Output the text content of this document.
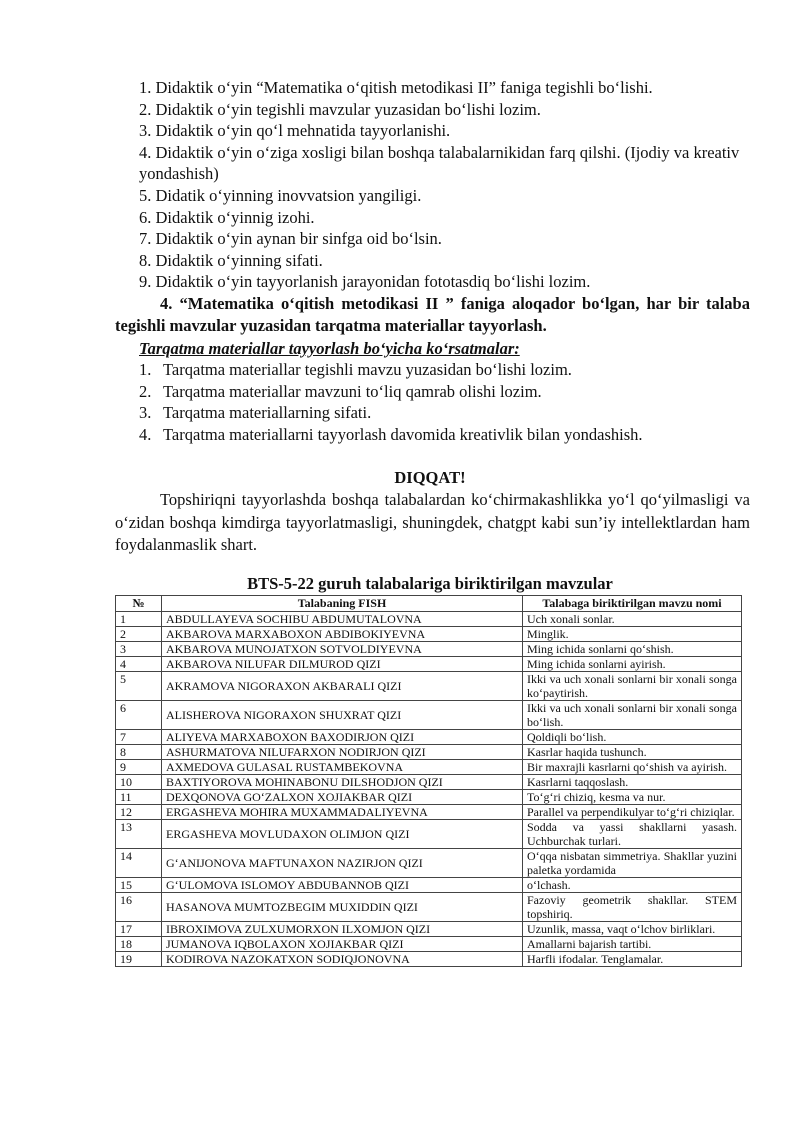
1. Didaktik o‘yin “Matematika o‘qitish metodikasi II” faniga tegishli bo‘lishi.
2. Didaktik o‘yin tegishli mavzular yuzasidan bo‘lishi lozim.
3. Didaktik o‘yin qo‘l mehnatida tayyorlanishi.
4. Didaktik o‘yin o‘ziga xosligi bilan boshqa talabalarnikidan farq qilshi. (Ijodiy va kreativ yondashish)
5. Didatik o‘yinning inovvatsion yangiligi.
6. Didaktik o‘yinnig izohi.
7. Didaktik o‘yin aynan bir sinfga oid bo‘lsin.
8. Didaktik o‘yinning sifati.
9. Didaktik o‘yin tayyorlanish jarayonidan fototasdiq bo‘lishi lozim.
4. “Matematika o‘qitish metodikasi II ” faniga aloqador bo‘lgan, har bir talaba tegishli mavzular yuzasidan tarqatma materiallar tayyorlash.
Tarqatma materiallar tayyorlash bo‘yicha ko‘rsatmalar:
1. Tarqatma materiallar tegishli mavzu yuzasidan bo‘lishi lozim.
2. Tarqatma materiallar mavzuni to‘liq qamrab olishi lozim.
3. Tarqatma materiallarning sifati.
4. Tarqatma materiallarni tayyorlash davomida kreativlik bilan yondashish.
DIQQAT!
Topshiriqni tayyorlashda boshqa talabalardan ko‘chirmakashlikka yo‘l qo‘yilmasligi va o‘zidan boshqa kimdirga tayyorlatmasligi, shuningdek, chatgpt kabi sun’iy intellektlardan ham foydalanmaslik shart.
BTS-5-22 guruh talabalariga biriktirilgan mavzular
№	Talabaning FISH	Talabaga biriktirilgan mavzu nomi
1	ABDULLAYEVA SOCHIBU ABDUMUTALOVNA	Uch xonali sonlar.
2	AKBAROVA MARXABOXON ABDIBOKIYEVNA	Minglik.
3	AKBAROVA MUNOJATXON SOTVOLDIYEVNA	Ming ichida sonlarni qo‘shish.
4	AKBAROVA NILUFAR DILMUROD QIZI	Ming ichida sonlarni ayirish.
5	AKRAMOVA NIGORAXON AKBARALI QIZI	Ikki va uch xonali sonlarni bir xonali songa ko‘paytirish.
6	ALISHEROVA NIGORAXON SHUXRAT QIZI	Ikki va uch xonali sonlarni bir xonali songa bo‘lish.
7	ALIYEVA MARXABOXON BAXODIRJON QIZI	Qoldiqli bo‘lish.
8	ASHURMATOVA NILUFARXON NODIRJON QIZI	Kasrlar haqida tushunch.
9	AXMEDOVA GULASAL RUSTAMBEKOVNA	Bir maxrajli kasrlarni qo‘shish va ayirish.
10	BAXTIYOROVA MOHINABONU DILSHODJON QIZI	Kasrlarni taqqoslash.
11	DEXQONOVA GO‘ZALXON XOJIAKBAR QIZI	To‘g‘ri chiziq, kesma va nur.
12	ERGASHEVA MOHIRA MUXAMMADALIYEVNA	Parallel va perpendikulyar to‘g‘ri chiziqlar.
13	ERGASHEVA MOVLUDAXON OLIMJON QIZI	Sodda va yassi shakllarni yasash. Uchburchak turlari.
14	G‘ANIJONOVA MAFTUNAXON NAZIRJON QIZI	O‘qqa nisbatan simmetriya. Shakllar yuzini paletka yordamida
15	G‘ULOMOVA ISLOMOY ABDUBANNOB QIZI	o‘lchash.
16	HASANOVA MUMTOZBEGIM MUXIDDIN QIZI	Fazoviy geometrik shakllar. STEM topshiriq.
17	IBROXIMOVA ZULXUMORXON ILXOMJON QIZI	Uzunlik, massa, vaqt o‘lchov birliklari.
18	JUMANOVA IQBOLAXON XOJIAKBAR QIZI	Amallarni bajarish tartibi.
19	KODIROVA NAZOKATXON SODIQJONOVNA	Harfli ifodalar. Tenglamalar.
